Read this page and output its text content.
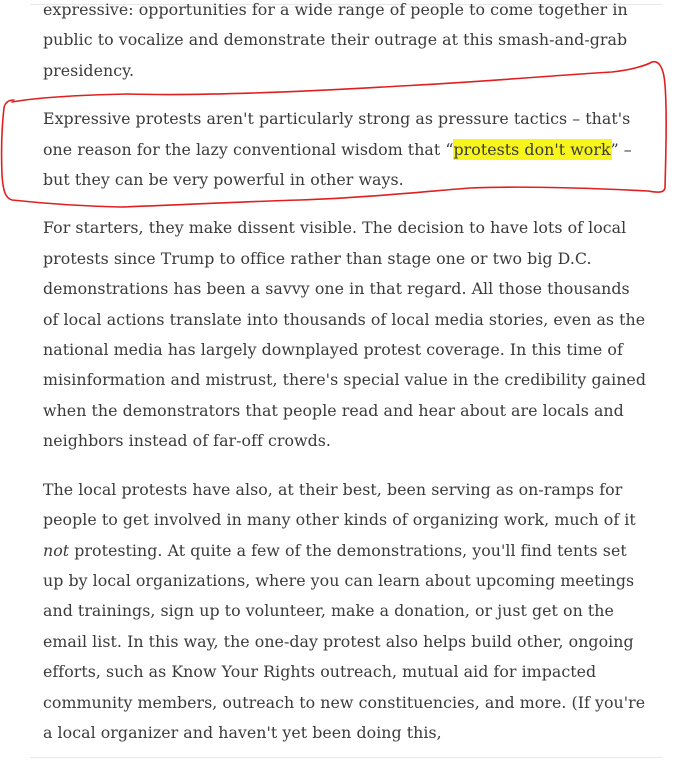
expressive: opportunities for a wide range of people to come together in public to vocalize and demonstrate their outrage at this smash-and-grab presidency.

Expressive protests aren't particularly strong as pressure tactics – that's one reason for the lazy conventional wisdom that “protests don't work” – but they can be very powerful in other ways.

For starters, they make dissent visible. The decision to have lots of local protests since Trump to office rather than stage one or two big D.C. demonstrations has been a savvy one in that regard. All those thousands of local actions translate into thousands of local media stories, even as the national media has largely downplayed protest coverage. In this time of misinformation and mistrust, there's special value in the credibility gained when the demonstrators that people read and hear about are locals and neighbors instead of far-off crowds.

The local protests have also, at their best, been serving as on-ramps for people to get involved in many other kinds of organizing work, much of it not protesting. At quite a few of the demonstrations, you'll find tents set up by local organizations, where you can learn about upcoming meetings and trainings, sign up to volunteer, make a donation, or just get on the email list. In this way, the one-day protest also helps build other, ongoing efforts, such as Know Your Rights outreach, mutual aid for impacted community members, outreach to new constituencies, and more. (If you're a local organizer and haven't yet been doing this,
